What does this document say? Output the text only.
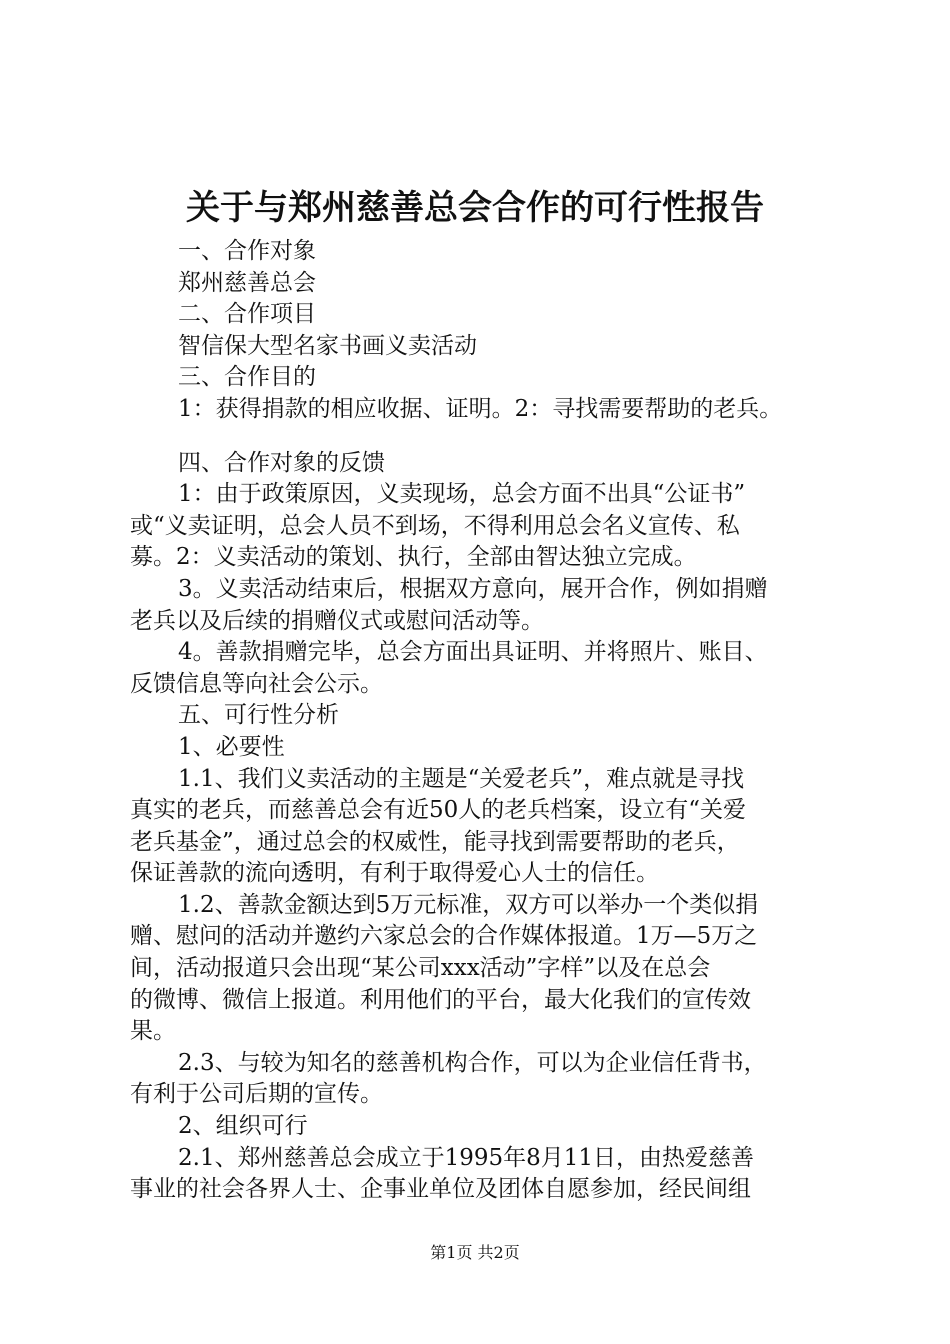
关于与郑州慈善总会合作的可行性报告
一、合作对象
郑州慈善总会
二、合作项目
智信保大型名家书画义卖活动
三、合作目的
1：获得捐款的相应收据、证明。2：寻找需要帮助的老兵。
四、合作对象的反馈
1：由于政策原因，义卖现场，总会方面不出具“公证书”
或“义卖证明，总会人员不到场，不得利用总会名义宣传、私
募。2：义卖活动的策划、执行，全部由智达独立完成。
3。义卖活动结束后，根据双方意向，展开合作，例如捐赠
老兵以及后续的捐赠仪式或慰问活动等。
4。善款捐赠完毕，总会方面出具证明、并将照片、账目、
反馈信息等向社会公示。
五、可行性分析
1、必要性
1.1、我们义卖活动的主题是“关爱老兵”，难点就是寻找
真实的老兵，而慈善总会有近50人的老兵档案，设立有“关爱
老兵基金”，通过总会的权威性，能寻找到需要帮助的老兵，
保证善款的流向透明，有利于取得爱心人士的信任。
1.2、善款金额达到5万元标准，双方可以举办一个类似捐
赠、慰问的活动并邀约六家总会的合作媒体报道。1万—5万之
间，活动报道只会出现“某公司xxx活动”字样”以及在总会
的微博、微信上报道。利用他们的平台，最大化我们的宣传效
果。
2.3、与较为知名的慈善机构合作，可以为企业信任背书，
有利于公司后期的宣传。
2、组织可行
2.1、郑州慈善总会成立于1995年8月11日，由热爱慈善
事业的社会各界人士、企事业单位及团体自愿参加，经民间组
第1页 共2页
